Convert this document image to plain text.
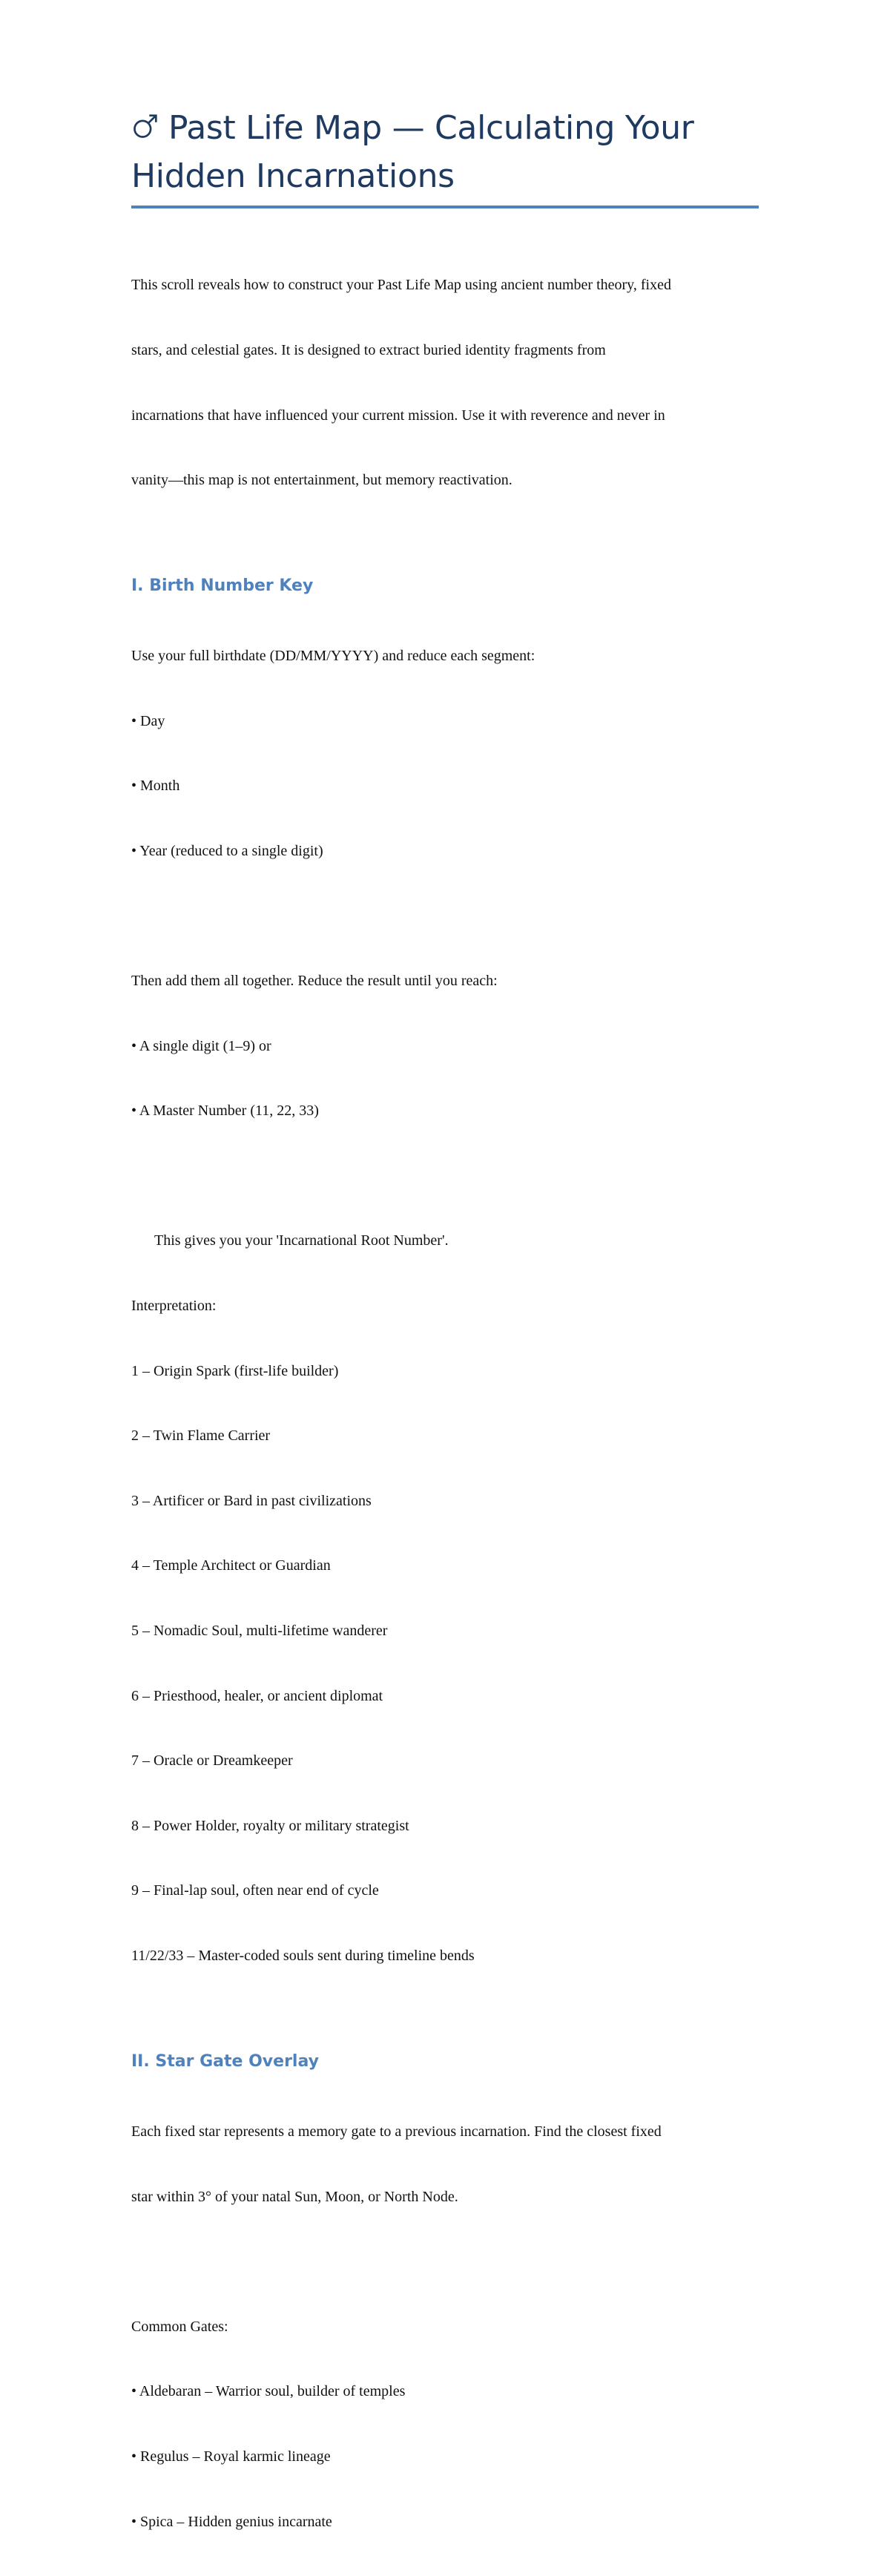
Past Life Map — Calculating Your
Hidden Incarnations

This scroll reveals how to construct your Past Life Map using ancient number theory, fixed

stars, and celestial gates. It is designed to extract buried identity fragments from

incarnations that have influenced your current mission. Use it with reverence and never in

vanity—this map is not entertainment, but memory reactivation.

I. Birth Number Key

Use your full birthdate (DD/MM/YYYY) and reduce each segment:

• Day

• Month

• Year (reduced to a single digit)

Then add them all together. Reduce the result until you reach:

• A single digit (1–9) or

• A Master Number (11, 22, 33)

This gives you your 'Incarnational Root Number'.

Interpretation:

1 – Origin Spark (first-life builder)

2 – Twin Flame Carrier

3 – Artificer or Bard in past civilizations

4 – Temple Architect or Guardian

5 – Nomadic Soul, multi-lifetime wanderer

6 – Priesthood, healer, or ancient diplomat

7 – Oracle or Dreamkeeper

8 – Power Holder, royalty or military strategist

9 – Final-lap soul, often near end of cycle

11/22/33 – Master-coded souls sent during timeline bends

II. Star Gate Overlay

Each fixed star represents a memory gate to a previous incarnation. Find the closest fixed

star within 3° of your natal Sun, Moon, or North Node.

Common Gates:

• Aldebaran – Warrior soul, builder of temples

• Regulus – Royal karmic lineage

• Spica – Hidden genius incarnate
